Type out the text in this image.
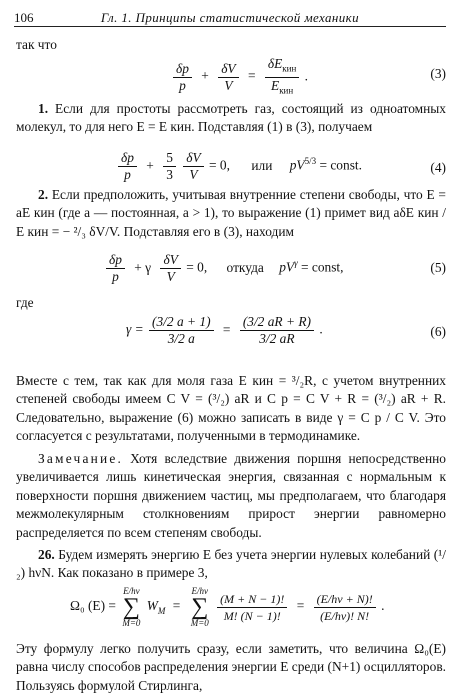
106	Гл. 1. Принципы статистической механики
так что
$\frac{\delta p}{p} + \frac{\delta V}{V} = \frac{\delta E_{кин}}{E_{кин}}$ .	(3)
1. Если для простоты рассмотреть газ, состоящий из одноатомных молекул, то для него E = E кин. Подставляя (1) в (3), получаем
$\frac{\delta p}{p} + \frac{5}{3}$
$\frac{\delta V}{V} = 0$, или $pV^{5/3}$ = const.	(4)
2. Если предположить, учитывая внутренние степени свободы, что E = aE кин (где a — постоянная, a > 1), то выражение (1) примет вид aδE кин / E кин = − ²/₃ δV/V. Подставляя его в (3), находим
$\frac{\delta p}{p} + \gamma \frac{\delta V}{V} = 0$, откуда $pV^\gamma$ = const,	(5)
где
$\gamma = \frac{(3/2 a + 1)}{3/2 a} = \frac{(3/2 aR + R)}{3/2 aR}$ .	(6)
Вместе с тем, так как для моля газа E кин = ³/₂R, с учетом внутренних степеней свободы имеем C V = (³/₂) aR и C p = C V + R = (³/₂) aR + R. Следовательно, выражение (6) можно записать в виде γ = C p / C V. Это согласуется с результатами, полученными в термодинамике.
Замечание. Хотя вследствие движения поршня непосредственно увеличивается лишь кинетическая энергия, связанная с нормальным к поверхности поршня движением частиц, мы предполагаем, что благодаря межмолекулярным столкновениям прирост энергии равномерно распределяется по всем степеням свободы.
26. Будем измерять энергию E без учета энергии нулевых колебаний (¹/₂) hνN. Как показано в примере 3,
Ω₀ (E) =
E/hν
∑
M=0
$W_M$ =
E/hν
∑
M=0
$\frac{(M + N - 1)!}{M! (N - 1)!} = \frac{(E/h\nu + N)!}{(E/h\nu)! N!}$ .
Эту формулу легко получить сразу, если заметить, что величина Ω₀(E) равна числу способов распределения энергии E среди (N+1) осцилляторов. Пользуясь формулой Стирлинга,
